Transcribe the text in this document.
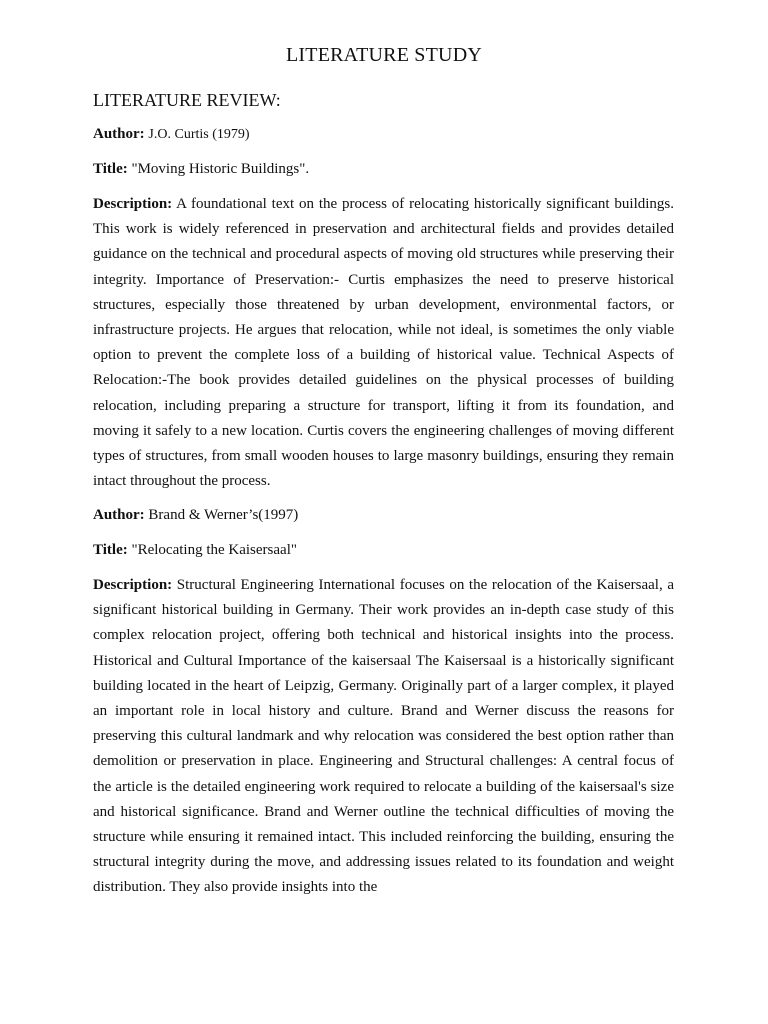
LITERATURE STUDY
LITERATURE REVIEW:

Author: J.O. Curtis (1979)

Title: "Moving Historic Buildings".

Description: A foundational text on the process of relocating historically significant buildings. This work is widely referenced in preservation and architectural fields and provides detailed guidance on the technical and procedural aspects of moving old structures while preserving their integrity. Importance of Preservation:- Curtis emphasizes the need to preserve historical structures, especially those threatened by urban development, environmental factors, or infrastructure projects. He argues that relocation, while not ideal, is sometimes the only viable option to prevent the complete loss of a building of historical value. Technical Aspects of Relocation:-The book provides detailed guidelines on the physical processes of building relocation, including preparing a structure for transport, lifting it from its foundation, and moving it safely to a new location. Curtis covers the engineering challenges of moving different types of structures, from small wooden houses to large masonry buildings, ensuring they remain intact throughout the process.

Author: Brand & Werner’s(1997)

Title: "Relocating the Kaisersaal"

Description: Structural Engineering International focuses on the relocation of the Kaisersaal, a significant historical building in Germany. Their work provides an in-depth case study of this complex relocation project, offering both technical and historical insights into the process. Historical and Cultural Importance of the kaisersaal The Kaisersaal is a historically significant building located in the heart of Leipzig, Germany. Originally part of a larger complex, it played an important role in local history and culture. Brand and Werner discuss the reasons for preserving this cultural landmark and why relocation was considered the best option rather than demolition or preservation in place. Engineering and Structural challenges: A central focus of the article is the detailed engineering work required to relocate a building of the kaisersaal's size and historical significance. Brand and Werner outline the technical difficulties of moving the structure while ensuring it remained intact. This included reinforcing the building, ensuring the structural integrity during the move, and addressing issues related to its foundation and weight distribution. They also provide insights into the
